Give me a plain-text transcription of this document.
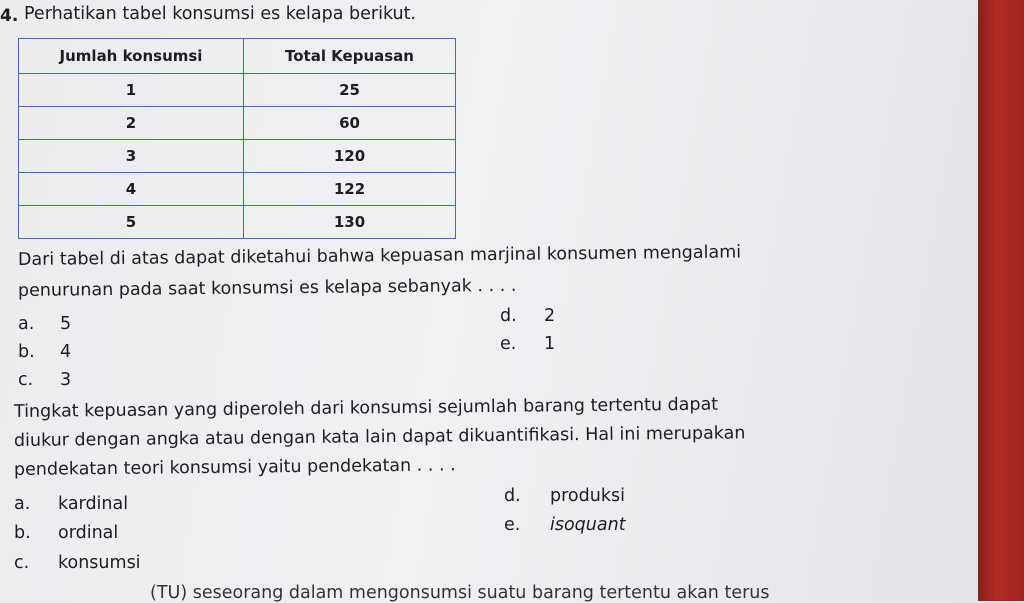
4. Perhatikan tabel konsumsi es kelapa berikut.
Jumlah konsumsi	Total Kepuasan
1	25
2	60
3	120
4	122
5	130
Dari tabel di atas dapat diketahui bahwa kepuasan marjinal konsumen mengalami
penurunan pada saat konsumsi es kelapa sebanyak . . . .
a. 5
b. 4
c. 3
d. 2
e. 1
Tingkat kepuasan yang diperoleh dari konsumsi sejumlah barang tertentu dapat
diukur dengan angka atau dengan kata lain dapat dikuantifikasi. Hal ini merupakan
pendekatan teori konsumsi yaitu pendekatan . . . .
a. kardinal
b. ordinal
c. konsumsi
d. produksi
e. isoquant
(TU) seseorang dalam mengonsumsi suatu barang tertentu akan terus
